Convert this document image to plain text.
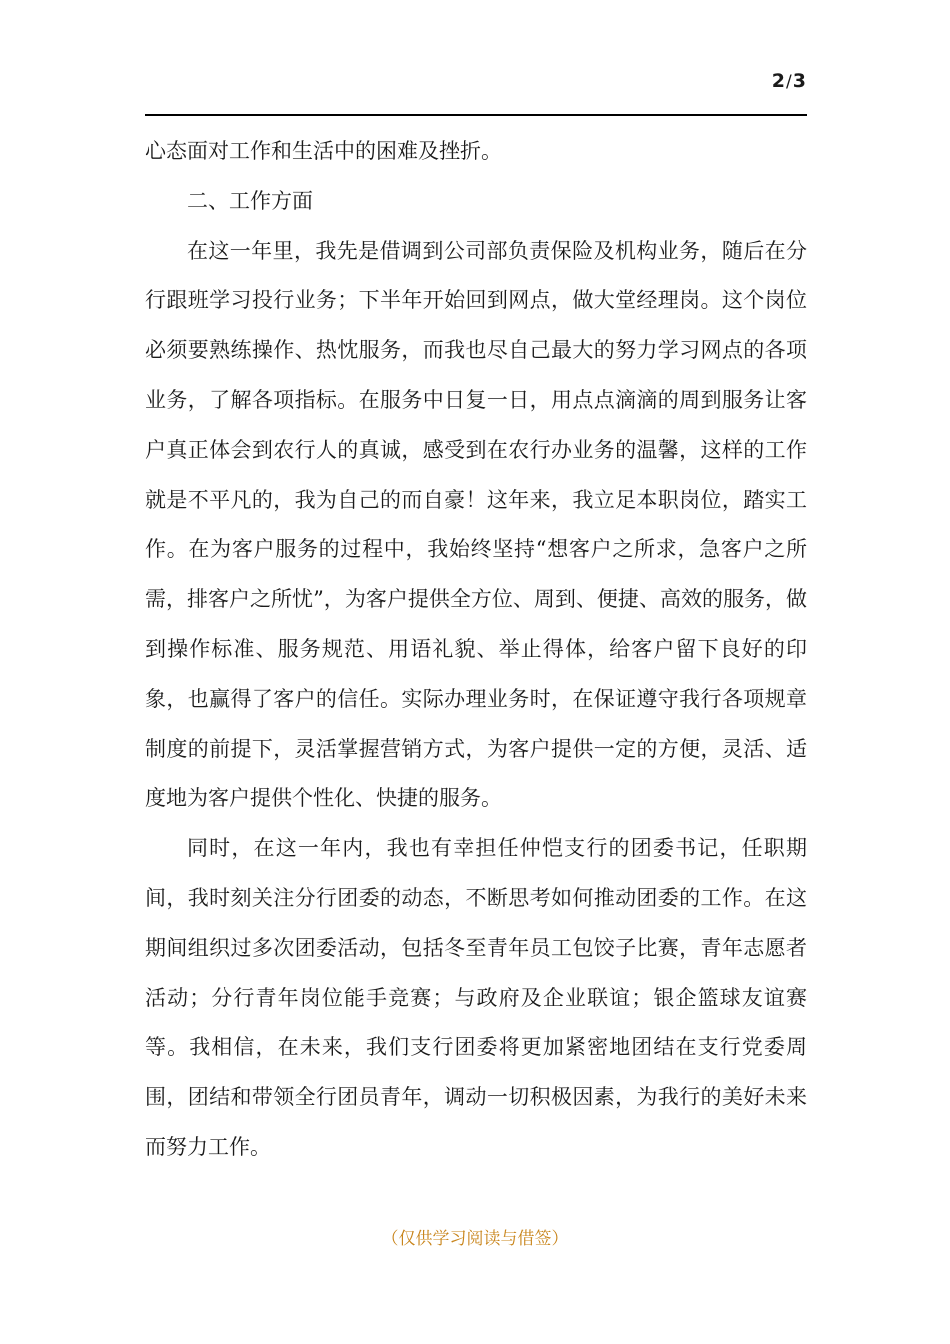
2/3

心态面对工作和生活中的困难及挫折。

二、工作方面

在这一年里，我先是借调到公司部负责保险及机构业务，随后在分行跟班学习投行业务；下半年开始回到网点，做大堂经理岗。这个岗位必须要熟练操作、热忱服务，而我也尽自己最大的努力学习网点的各项业务，了解各项指标。在服务中日复一日，用点点滴滴的周到服务让客户真正体会到农行人的真诚，感受到在农行办业务的温馨，这样的工作就是不平凡的，我为自己的而自豪！这年来，我立足本职岗位，踏实工作。在为客户服务的过程中，我始终坚持“想客户之所求，急客户之所需，排客户之所忧”，为客户提供全方位、周到、便捷、高效的服务，做到操作标准、服务规范、用语礼貌、举止得体，给客户留下良好的印象，也赢得了客户的信任。实际办理业务时，在保证遵守我行各项规章制度的前提下，灵活掌握营销方式，为客户提供一定的方便，灵活、适度地为客户提供个性化、快捷的服务。

同时，在这一年内，我也有幸担任仲恺支行的团委书记，任职期间，我时刻关注分行团委的动态，不断思考如何推动团委的工作。在这期间组织过多次团委活动，包括冬至青年员工包饺子比赛，青年志愿者活动；分行青年岗位能手竞赛；与政府及企业联谊；银企篮球友谊赛等。我相信，在未来，我们支行团委将更加紧密地团结在支行党委周围，团结和带领全行团员青年，调动一切积极因素，为我行的美好未来而努力工作。

（仅供学习阅读与借签）
